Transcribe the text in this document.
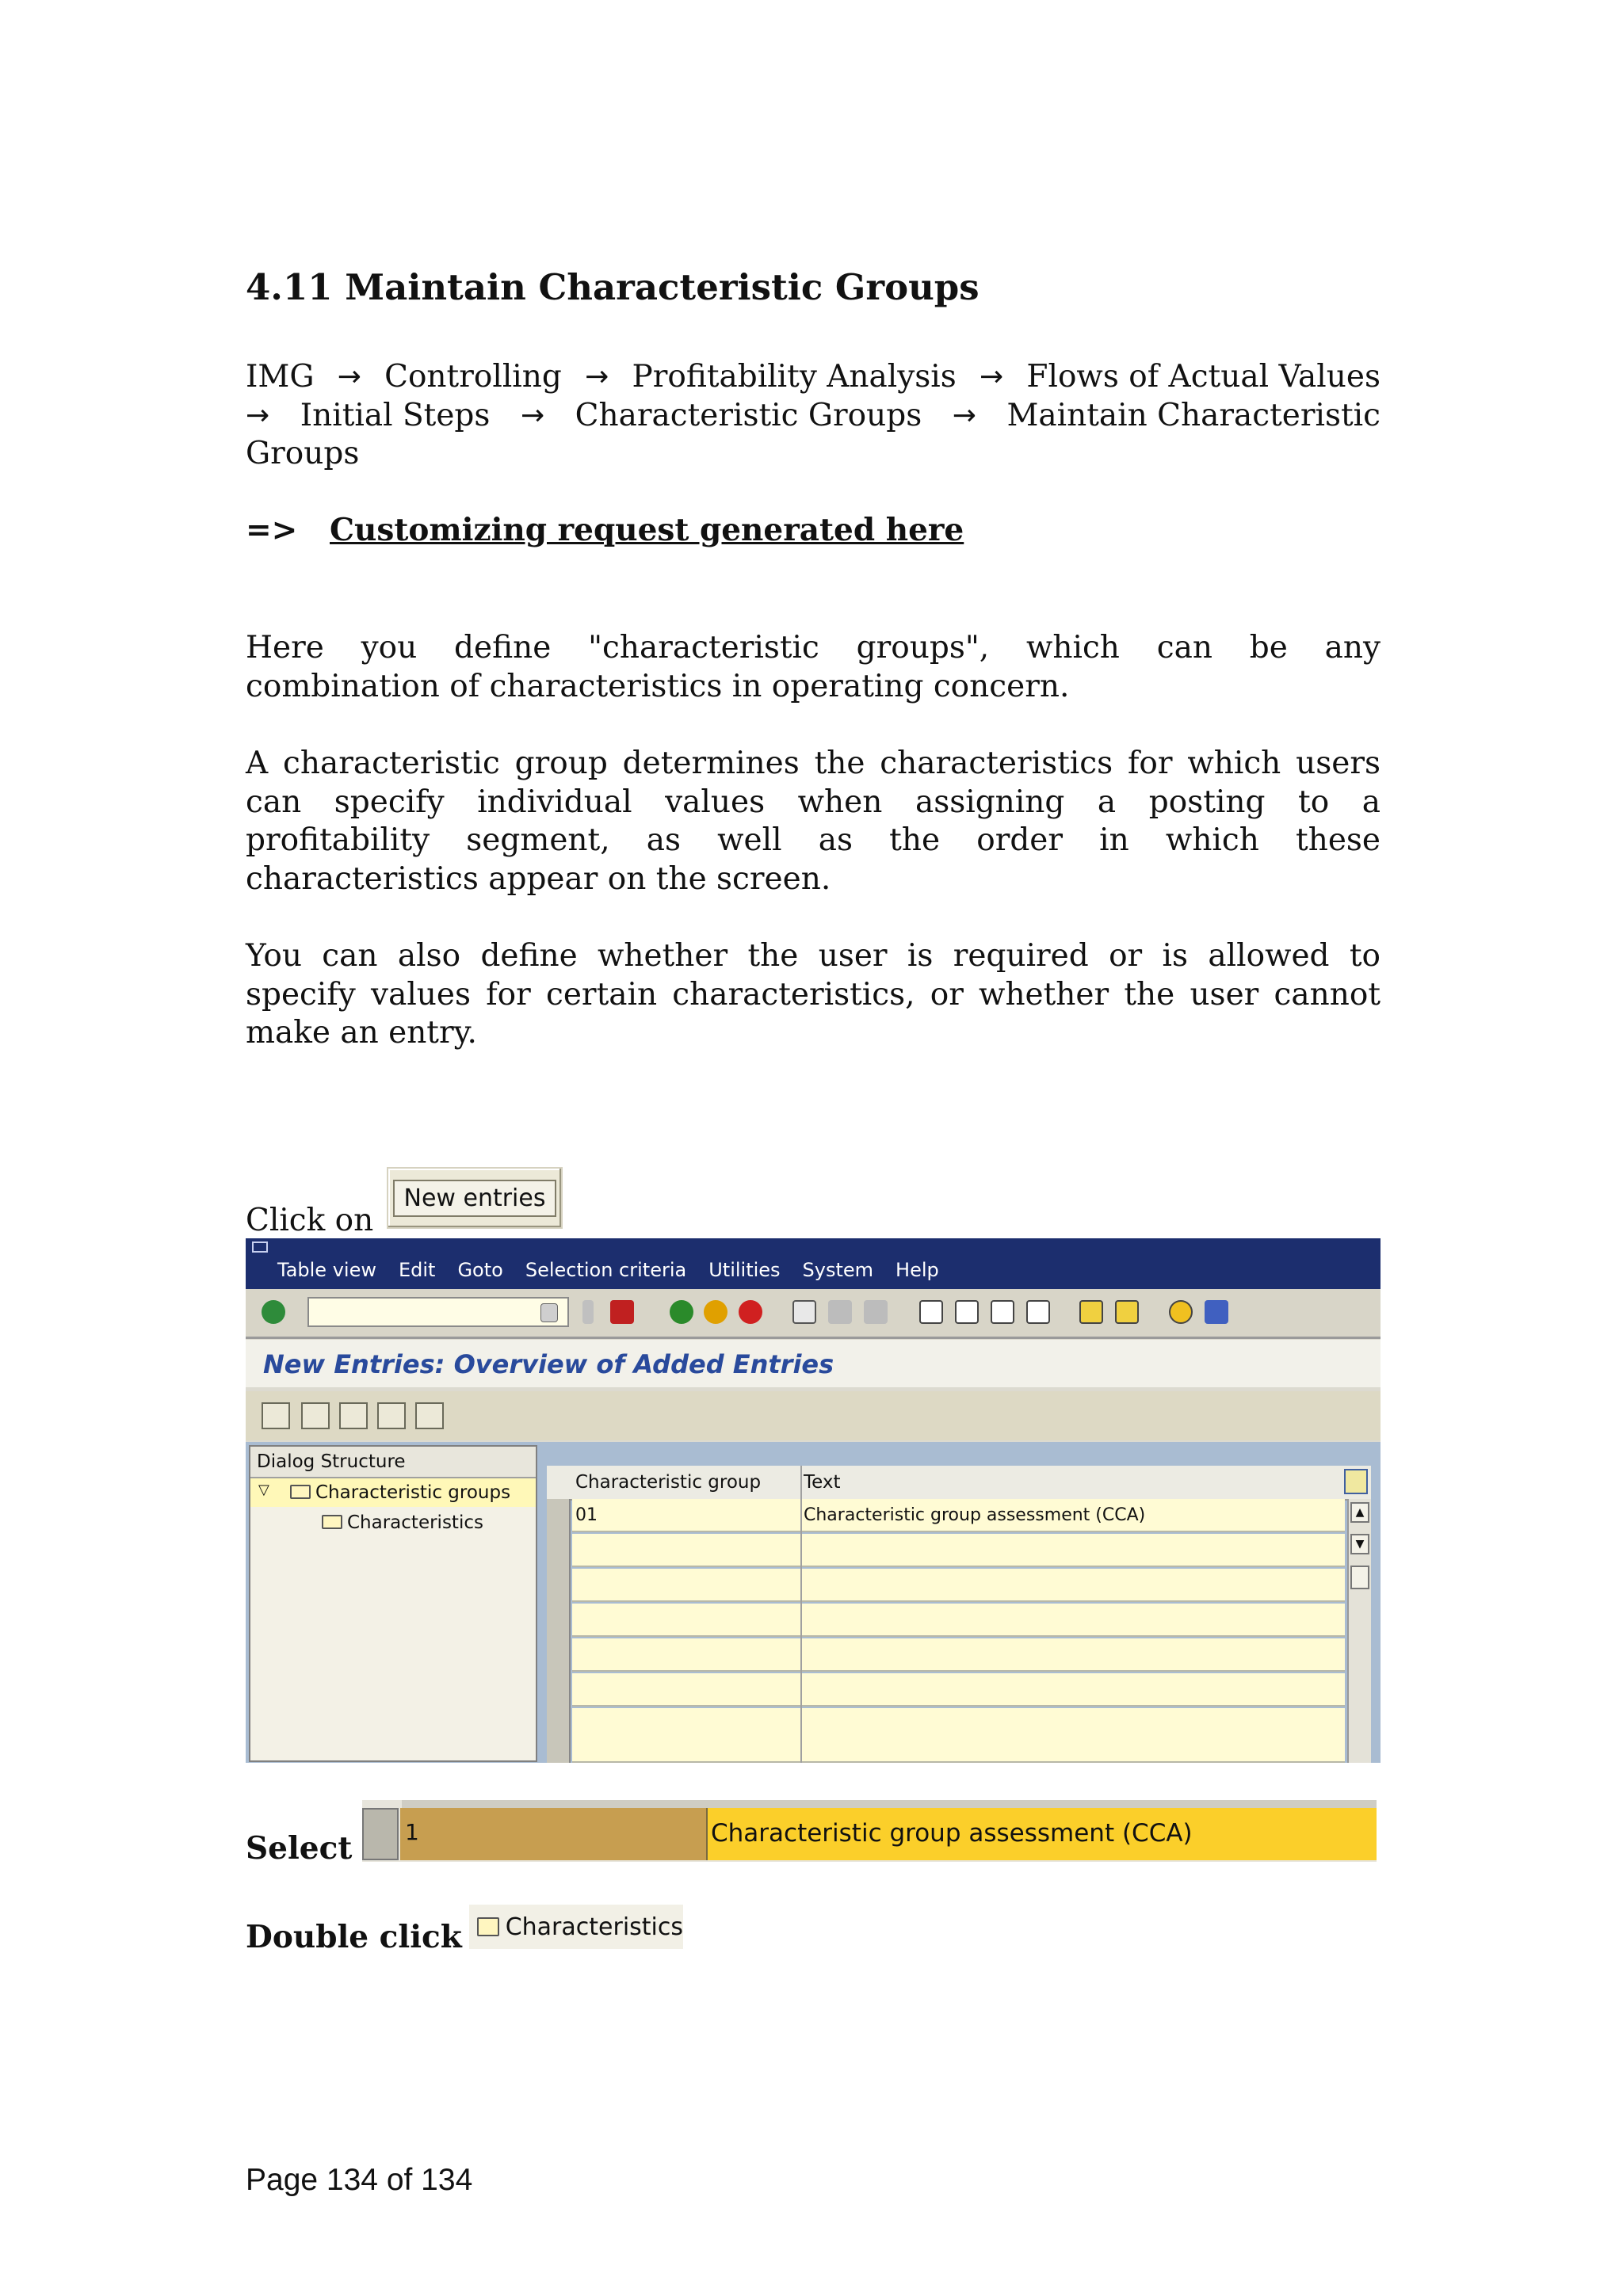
4.11 Maintain Characteristic Groups
IMG → Controlling → Profitability Analysis → Flows of Actual Values
→ Initial Steps → Characteristic Groups → Maintain Characteristic
Groups
=> Customizing request generated here
Here you define "characteristic groups", which can be any
combination of characteristics in operating concern.
A characteristic group determines the characteristics for which users
can specify individual values when assigning a posting to a
profitability segment, as well as the order in which these
characteristics appear on the screen.
You can also define whether the user is required or is allowed to
specify values for certain characteristics, or whether the user cannot
make an entry.
Click on
New entries
Table view Edit Goto Selection criteria Utilities System Help
New Entries: Overview of Added Entries
Dialog Structure
▽	Characteristic groups
Characteristics
Characteristic group Text
01	Characteristic group assessment (CCA)	▲
▼
Select 1	Characteristic group assessment (CCA)
Double click Characteristics
Page 134 of 134
